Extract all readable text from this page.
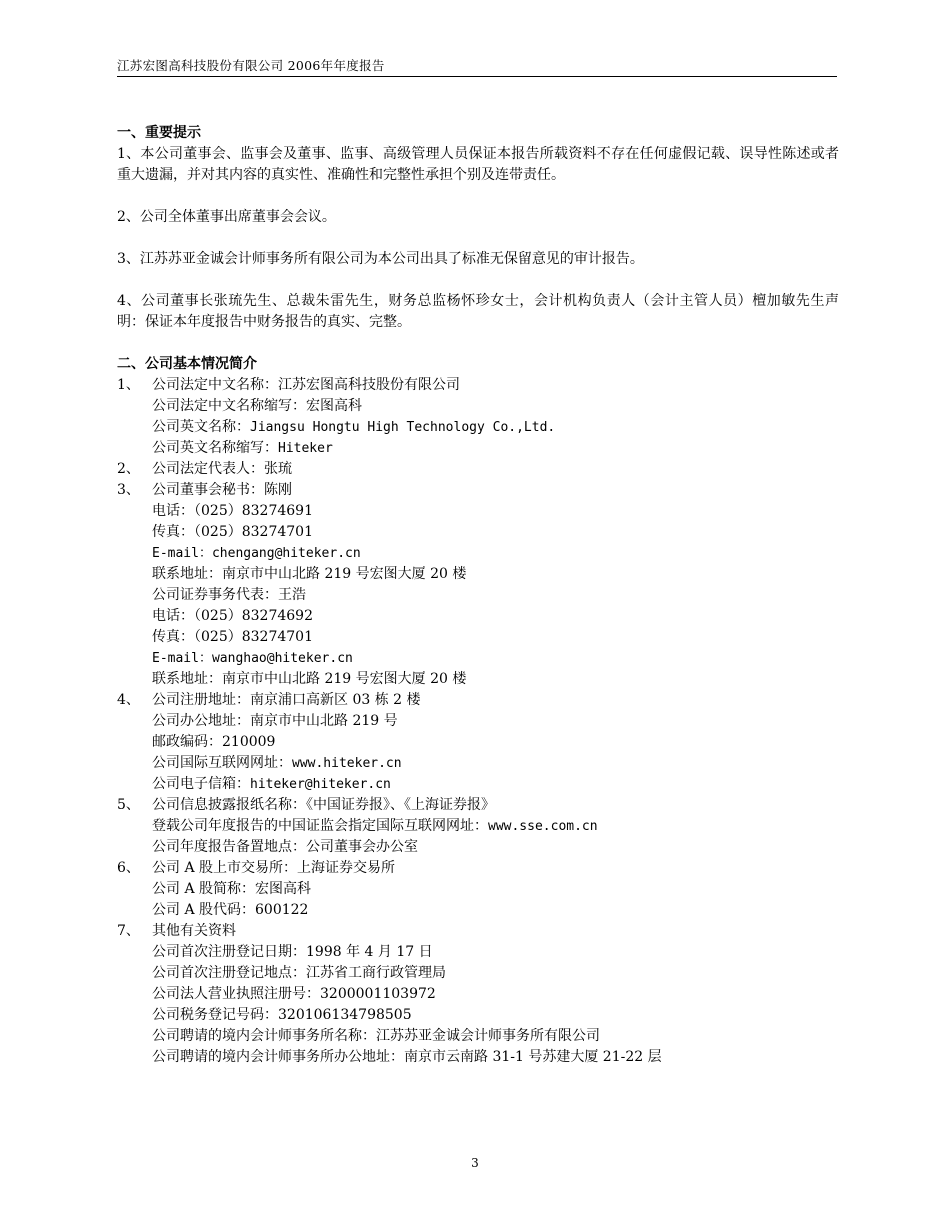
江苏宏图高科技股份有限公司 2006年年度报告
一、重要提示
1、本公司董事会、监事会及董事、监事、高级管理人员保证本报告所载资料不存在任何虚假记载、误导性陈述或者重大遗漏，并对其内容的真实性、准确性和完整性承担个别及连带责任。
2、公司全体董事出席董事会会议。
3、江苏苏亚金诚会计师事务所有限公司为本公司出具了标准无保留意见的审计报告。
4、公司董事长张琉先生、总裁朱雷先生，财务总监杨怀珍女士，会计机构负责人（会计主管人员）檀加敏先生声明：保证本年度报告中财务报告的真实、完整。
二、公司基本情况简介
1、 公司法定中文名称：江苏宏图高科技股份有限公司
公司法定中文名称缩写：宏图高科
公司英文名称：Jiangsu Hongtu High Technology Co.,Ltd.
公司英文名称缩写：Hiteker
2、 公司法定代表人：张琉
3、 公司董事会秘书：陈刚
电话：（025）83274691
传真：（025）83274701
E-mail：chengang@hiteker.cn
联系地址：南京市中山北路 219 号宏图大厦 20 楼
公司证券事务代表：王浩
电话：（025）83274692
传真：（025）83274701
E-mail：wanghao@hiteker.cn
联系地址：南京市中山北路 219 号宏图大厦 20 楼
4、 公司注册地址：南京浦口高新区 03 栋 2 楼
公司办公地址：南京市中山北路 219 号
邮政编码：210009
公司国际互联网网址：www.hiteker.cn
公司电子信箱：hiteker@hiteker.cn
5、 公司信息披露报纸名称：《中国证券报》、《上海证券报》
登载公司年度报告的中国证监会指定国际互联网网址：www.sse.com.cn
公司年度报告备置地点：公司董事会办公室
6、 公司 A 股上市交易所：上海证券交易所
公司 A 股简称：宏图高科
公司 A 股代码：600122
7、 其他有关资料
公司首次注册登记日期：1998 年 4 月 17 日
公司首次注册登记地点：江苏省工商行政管理局
公司法人营业执照注册号：3200001103972
公司税务登记号码：320106134798505
公司聘请的境内会计师事务所名称：江苏苏亚金诚会计师事务所有限公司
公司聘请的境内会计师事务所办公地址：南京市云南路 31-1 号苏建大厦 21-22 层
3
